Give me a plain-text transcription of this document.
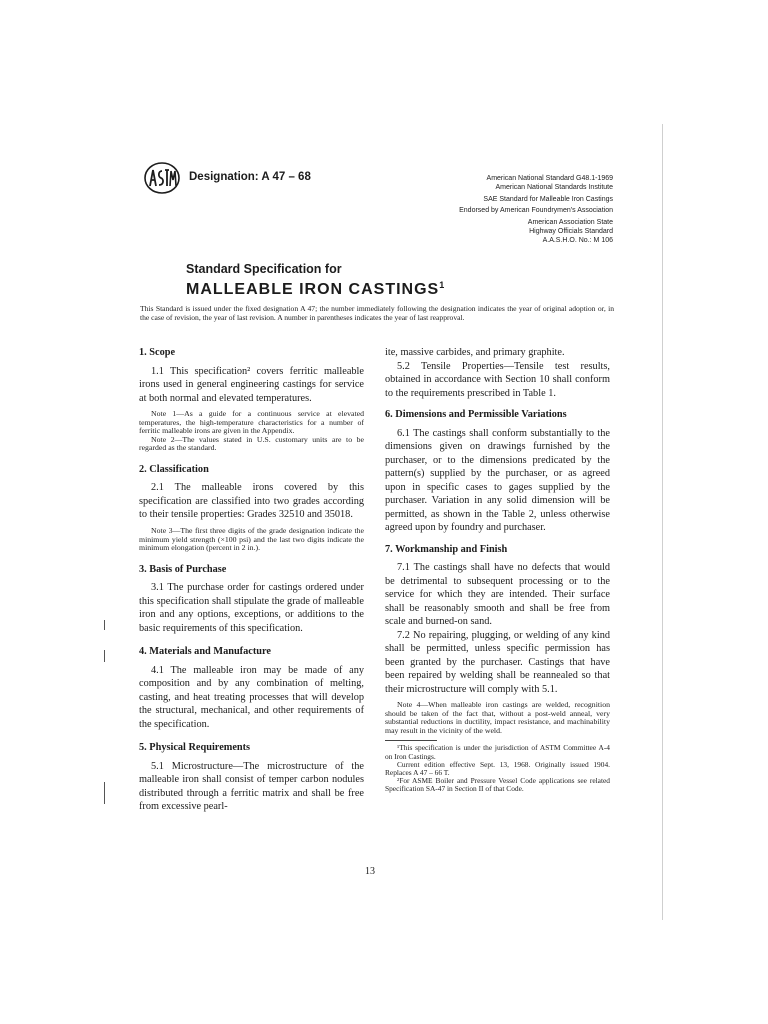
Designation: A 47 – 68	American National Standard G48.1-1969
American National Standards Institute
SAE Standard for Malleable Iron Castings
Endorsed by American Foundrymen's Association
American Association State
Highway Officials Standard
A.A.S.H.O. No.: M 106
Standard Specification for
MALLEABLE IRON CASTINGS$^1$
This Standard is issued under the fixed designation A 47; the number immediately following the designation indicates the year of original adoption or, in the case of revision, the year of last revision. A number in parentheses indicates the year of last reapproval.
1. Scope

1.1 This specification² covers ferritic malleable irons used in general engineering castings for service at both normal and elevated temperatures.

Note 1—As a guide for a continuous service at elevated temperatures, the high-temperature characteristics for a number of ferritic malleable irons are given in the Appendix.

Note 2—The values stated in U.S. customary units are to be regarded as the standard.

2. Classification

2.1 The malleable irons covered by this specification are classified into two grades according to their tensile properties: Grades 32510 and 35018.

Note 3—The first three digits of the grade designation indicate the minimum yield strength (×100 psi) and the last two digits indicate the minimum elongation (percent in 2 in.).

3. Basis of Purchase

3.1 The purchase order for castings ordered under this specification shall stipulate the grade of malleable iron and any options, exceptions, or additions to the basic requirements of this specification.

4. Materials and Manufacture

4.1 The malleable iron may be made of any composition and by any combination of melting, casting, and heat treating processes that will develop the structural, mechanical, and other requirements of the specification.

5. Physical Requirements

5.1 Microstructure—The microstructure of the malleable iron shall consist of temper carbon nodules distributed through a ferritic matrix and shall be free from excessive pearl-

ite, massive carbides, and primary graphite.

5.2 Tensile Properties—Tensile test results, obtained in accordance with Section 10 shall conform to the requirements prescribed in Table 1.

6. Dimensions and Permissible Variations

6.1 The castings shall conform substantially to the dimensions given on drawings furnished by the purchaser, or to the dimensions predicated by the pattern(s) supplied by the purchaser, or as agreed upon in specific cases to gages supplied by the purchaser. Variation in any solid dimension will be permitted, as shown in the Table 2, unless otherwise agreed upon by foundry and purchaser.

7. Workmanship and Finish

7.1 The castings shall have no defects that would be detrimental to subsequent processing or to the service for which they are intended. Their surface shall be reasonably smooth and shall be free from scale and burned-on sand.

7.2 No repairing, plugging, or welding of any kind shall be permitted, unless specific permission has been granted by the purchaser. Castings that have been repaired by welding shall be reannealed so that their microstructure will comply with 5.1.

Note 4—When malleable iron castings are welded, recognition should be taken of the fact that, without a post-weld anneal, very substantial reductions in ductility, impact resistance, and machinability may result in the vicinity of the weld.

¹This specification is under the jurisdiction of ASTM Committee A-4 on Iron Castings.

Current edition effective Sept. 13, 1968. Originally issued 1904. Replaces A 47 – 66 T.

²For ASME Boiler and Pressure Vessel Code applications see related Specification SA-47 in Section II of that Code.

13
